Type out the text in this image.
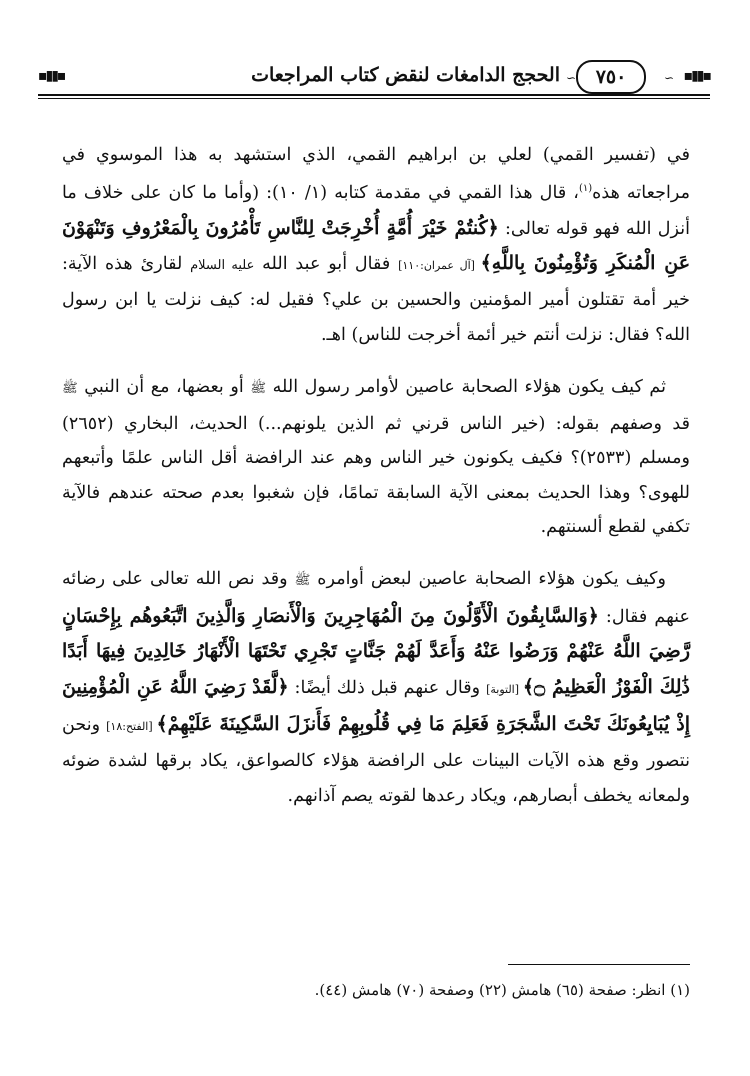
▪▮▮▪
الحجج الدامغات لنقض كتاب المراجعات ∼	٧٥٠	∼
▪▮▮▪

في (تفسير القمي) لعلي بن ابراهيم القمي، الذي استشهد به هذا الموسوي في مراجعاته هذه$^{(١)}$، قال هذا القمي في مقدمة كتابه (١/ ١٠): (وأما ما كان على خلاف ما أنزل الله فهو قوله تعالى: ﴿كُنتُمْ خَيْرَ أُمَّةٍ أُخْرِجَتْ لِلنَّاسِ تَأْمُرُونَ بِالْمَعْرُوفِ وَتَنْهَوْنَ عَنِ الْمُنكَرِ وَتُؤْمِنُونَ بِاللَّهِ﴾ [آل عمران:١١٠] فقال أبو عبد الله عليه السلام لقارئ هذه الآية: خير أمة تقتلون أمير المؤمنين والحسين بن علي؟ فقيل له: كيف نزلت يا ابن رسول الله؟ فقال: نزلت أنتم خير أئمة أخرجت للناس) اهـ.

ثم كيف يكون هؤلاء الصحابة عاصين لأوامر رسول الله ﷺ أو بعضها، مع أن النبي ﷺ قد وصفهم بقوله: (خير الناس قرني ثم الذين يلونهم...) الحديث، البخاري (٢٦٥٢) ومسلم (٢٥٣٣)؟ فكيف يكونون خير الناس وهم عند الرافضة أقل الناس علمًا وأتبعهم للهوى؟ وهذا الحديث بمعنى الآية السابقة تمامًا، فإن شغبوا بعدم صحته عندهم فالآية تكفي لقطع ألسنتهم.

وكيف يكون هؤلاء الصحابة عاصين لبعض أوامره ﷺ وقد نص الله تعالى على رضائه عنهم فقال: ﴿وَالسَّابِقُونَ الْأَوَّلُونَ مِنَ الْمُهَاجِرِينَ وَالْأَنصَارِ وَالَّذِينَ اتَّبَعُوهُم بِإِحْسَانٍ رَّضِيَ اللَّهُ عَنْهُمْ وَرَضُوا عَنْهُ وَأَعَدَّ لَهُمْ جَنَّاتٍ تَجْرِي تَحْتَهَا الْأَنْهَارُ خَالِدِينَ فِيهَا أَبَدًا ذَٰلِكَ الْفَوْزُ الْعَظِيمُ ۝﴾ [التوبة] وقال عنهم قبل ذلك أيضًا: ﴿لَّقَدْ رَضِيَ اللَّهُ عَنِ الْمُؤْمِنِينَ إِذْ يُبَايِعُونَكَ تَحْتَ الشَّجَرَةِ فَعَلِمَ مَا فِي قُلُوبِهِمْ فَأَنزَلَ السَّكِينَةَ عَلَيْهِمْ﴾ [الفتح:١٨] ونحن نتصور وقع هذه الآيات البينات على الرافضة هؤلاء كالصواعق، يكاد برقها لشدة ضوئه ولمعانه يخطف أبصارهم، ويكاد رعدها لقوته يصم آذانهم.

(١) انظر: صفحة (٦٥) هامش (٢٢) وصفحة (٧٠) هامش (٤٤).
